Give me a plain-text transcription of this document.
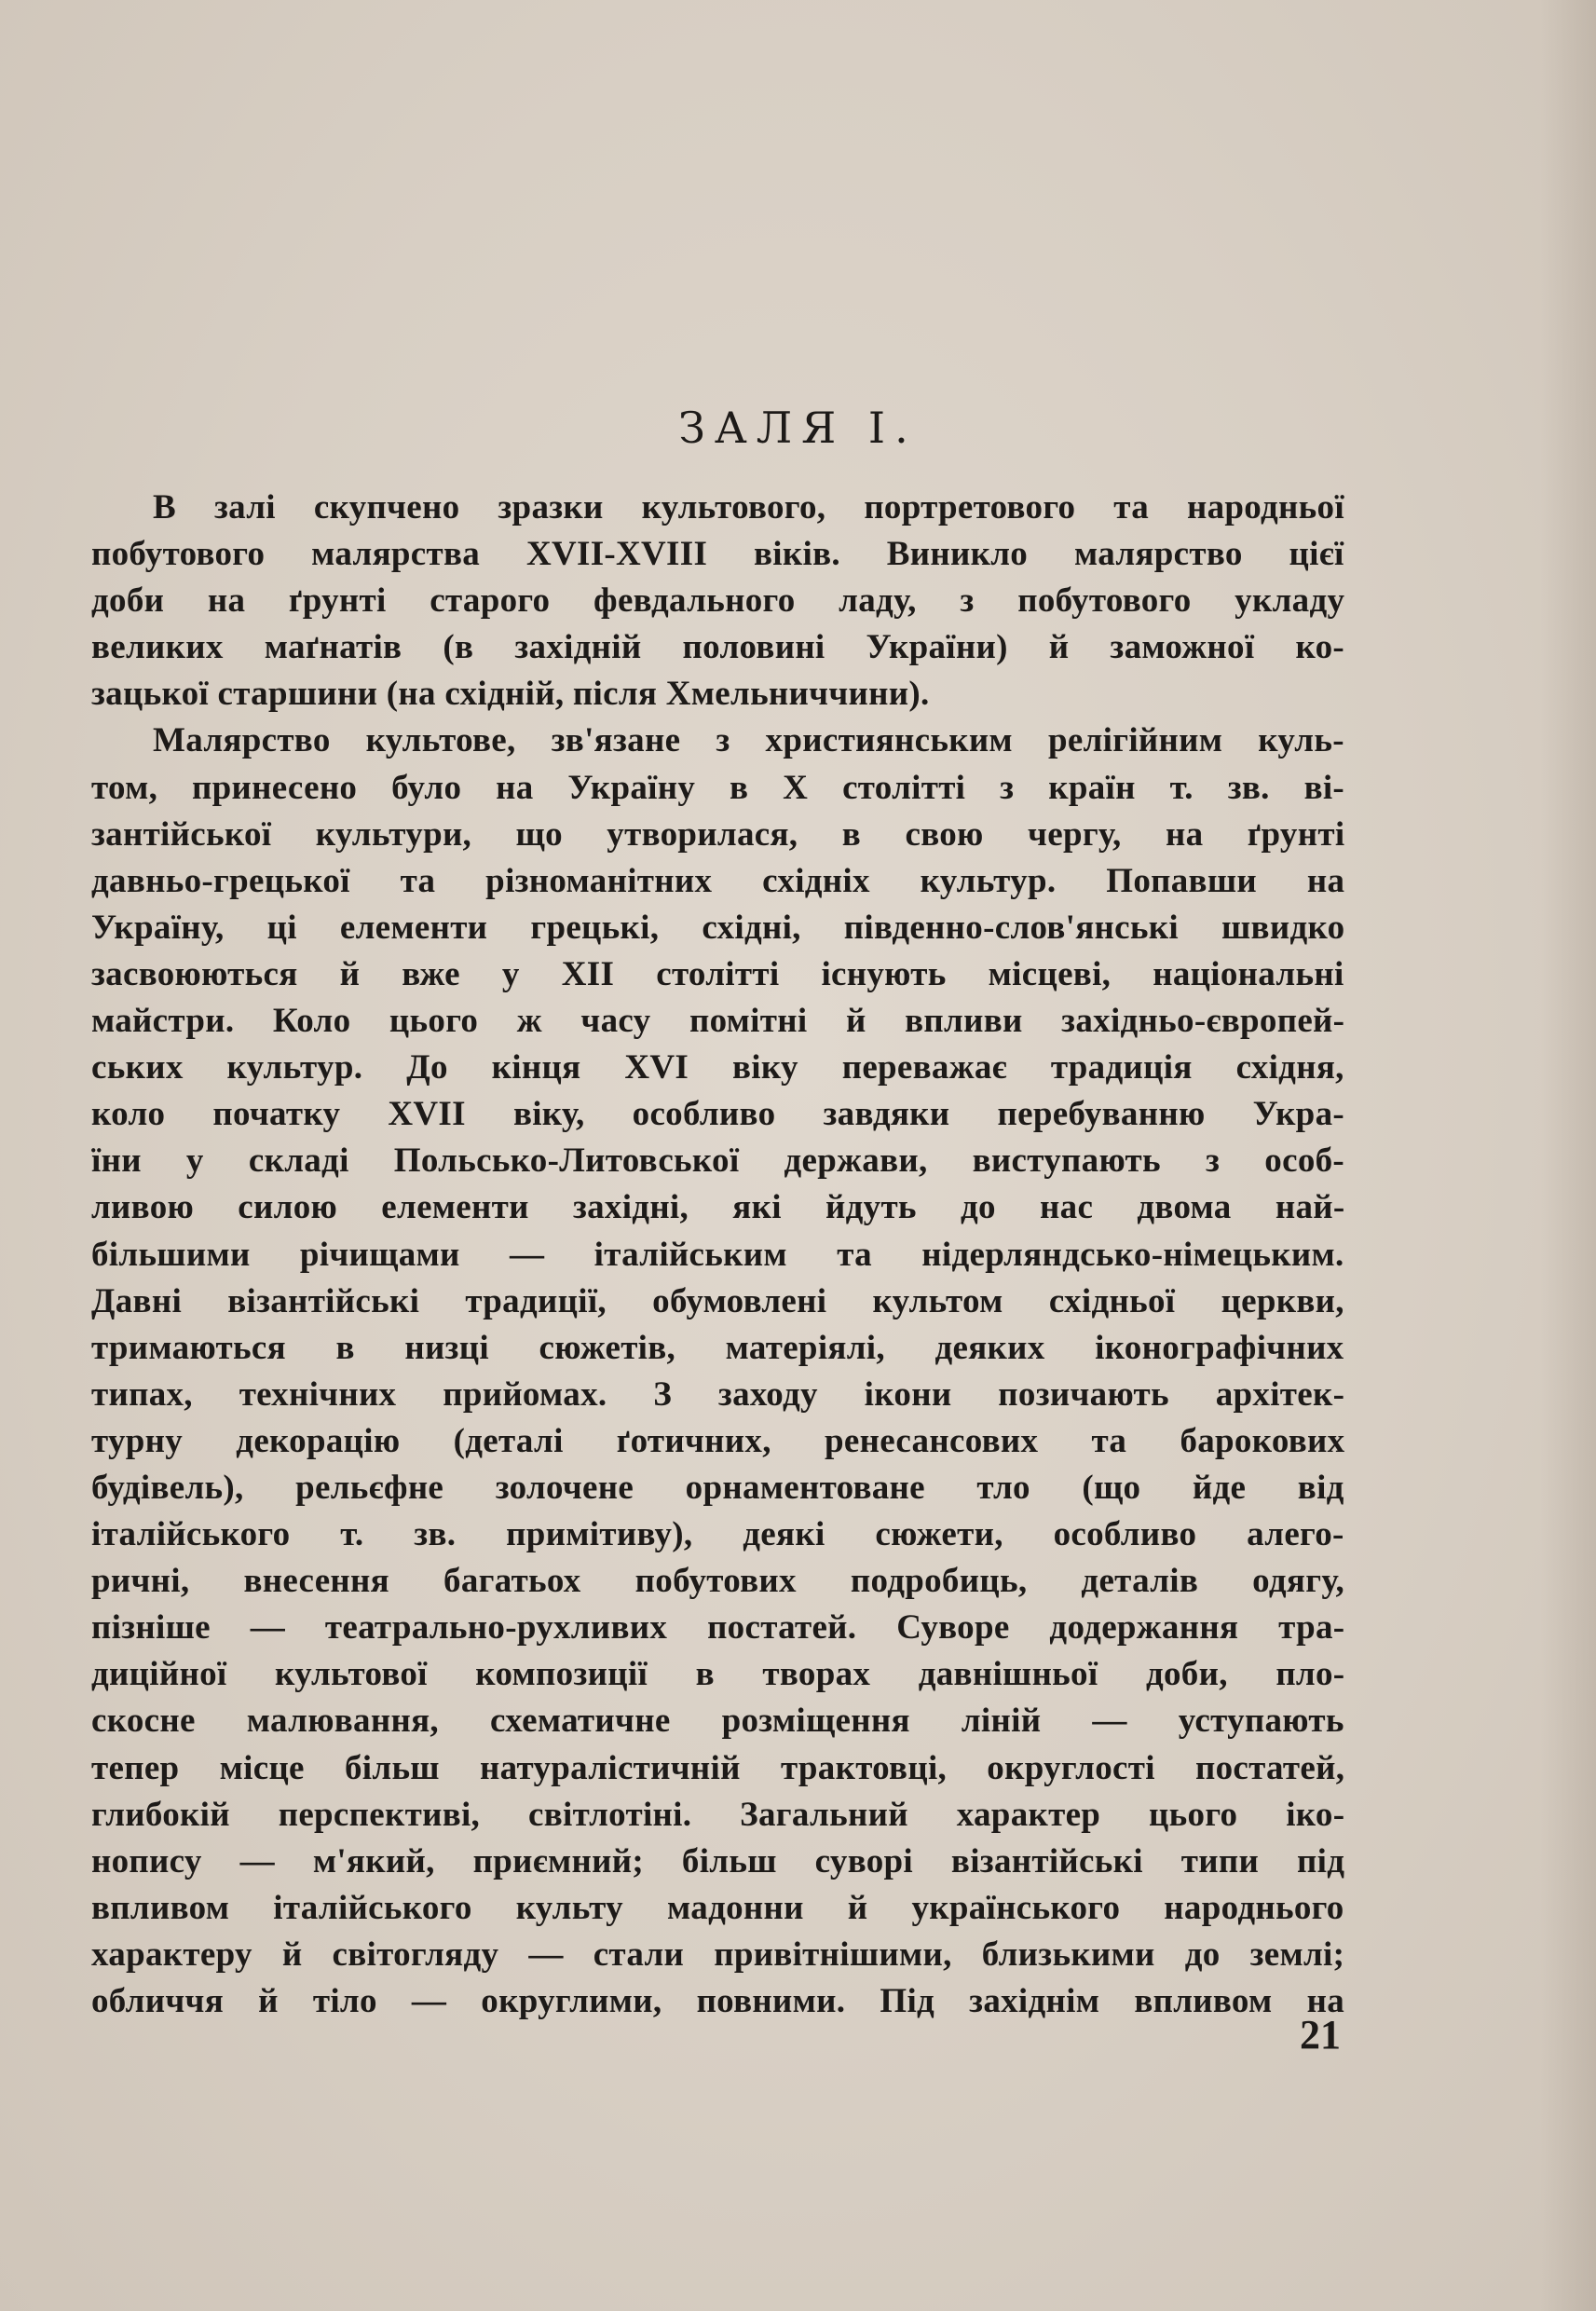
ЗАЛЯ І.
В залі скупчено зразки культового, портретового та народньої
побутового малярства XVII-XVIII віків. Виникло малярство цієї
доби на ґрунті старого февдального ладу, з побутового укладу
великих маґнатів (в західній половині України) й заможної ко-
зацької старшини (на східній, після Хмельниччини).
Малярство культове, зв'язане з християнським релігійним куль-
том, принесено було на Україну в Х столітті з країн т. зв. ві-
зантійської культури, що утворилася, в свою чергу, на ґрунті
давньо-грецької та різноманітних східніх культур. Попавши на
Україну, ці елементи грецькі, східні, південно-слов'янські швидко
засвоюються й вже у XII столітті існують місцеві, національні
майстри. Коло цього ж часу помітні й впливи західньо-європей-
ських культур. До кінця XVI віку переважає традиція східня,
коло початку XVII віку, особливо завдяки перебуванню Укра-
їни у складі Польсько-Литовської держави, виступають з особ-
ливою силою елементи західні, які йдуть до нас двома най-
більшими річищами — італійським та нідерляндсько-німецьким.
Давні візантійські традиції, обумовлені культом східньої церкви,
тримаються в низці сюжетів, матеріялі, деяких іконографічних
типах, технічних прийомах. З заходу ікони позичають архітек-
турну декорацію (деталі ґотичних, ренесансових та барокових
будівель), рельєфне золочене орнаментоване тло (що йде від
італійського т. зв. примітиву), деякі сюжети, особливо алего-
ричні, внесення багатьох побутових подробиць, деталів одягу,
пізніше — театрально-рухливих постатей. Суворе додержання тра-
диційної культової композиції в творах давнішньої доби, пло-
скосне малювання, схематичне розміщення ліній — уступають
тепер місце більш натуралістичній трактовці, округлості постатей,
глибокій перспективі, світлотіні. Загальний характер цього іко-
нопису — м'який, приємний; більш суворі візантійські типи під
впливом італійського культу мадонни й українського народнього
характеру й світогляду — стали привітнішими, близькими до землі;
обличчя й тіло — округлими, повними. Під західнім впливом на
21
